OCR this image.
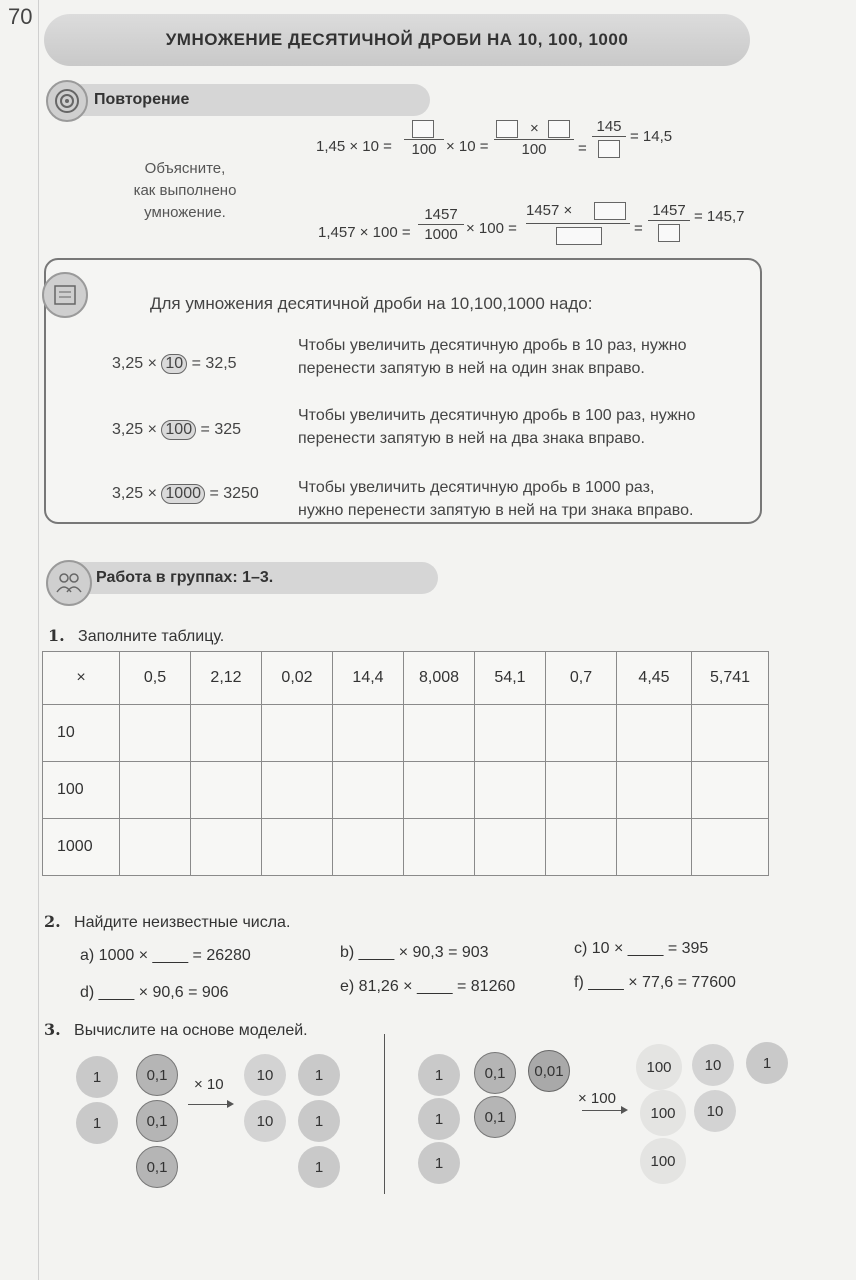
70
УМНОЖЕНИЕ ДЕСЯТИЧНОЙ ДРОБИ НА 10, 100, 1000
Повторение
Объясните,
как выполнено
умножение.
1,45 × 10 =	100 × 10 =
×
100	=
145
= 14,5
1,457 × 100 =
1457
1000 × 100 =
1457 ×
=
1457 = 145,7
Для умножения десятичной дроби на 10,100,1000 надо:
3,25 × 10 = 32,5
Чтобы увеличить десятичную дробь в 10 раз, нужно
перенести запятую в ней на один знак вправо.
3,25 × 100 = 325
Чтобы увеличить десятичную дробь в 100 раз, нужно
перенести запятую в ней на два знака вправо.
3,25 × 1000 = 3250 Чтобы увеличить десятичную дробь в 1000 раз,
нужно перенести запятую в ней на три знака вправо.
Работа в группах: 1–3.
1. Заполните таблицу.
×	0,5	2,12	0,02	14,4	8,008	54,1	0,7	4,45	5,741
10									
100									
1000									
2. Найдите неизвестные числа.
a) 1000 × ____ = 26280	b) ____ × 90,3 = 903	c) 10 × ____ = 395
d) ____ × 90,6 = 906	e) 81,26 × ____ = 81260	f) ____ × 77,6 = 77600
3. Вычислите на основе моделей.
1	0,1
1	0,1
0,1
× 10
10	1
10	1
1
1	0,1	0,01
1	0,1
1
× 100
100	10	1
100	10
100
